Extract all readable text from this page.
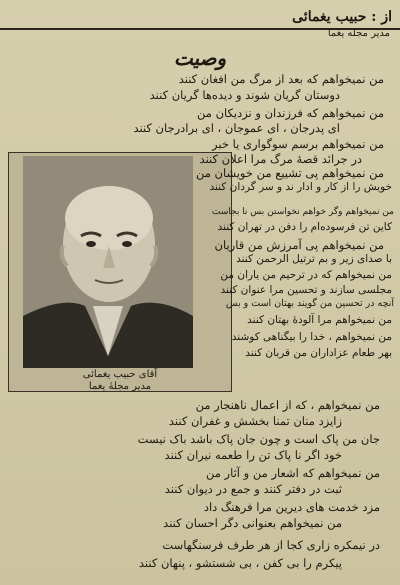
از : حبیب یغمائی
مدیر مجله یغما
وصیت
من نمیخواهم که بعد از مرگ من افغان کنند
دوستان گریان شوند و دیده‌ها گریان کنند
من نمیخواهم که فرزندان و نزدیکان من
ای پدرجان ، ای عموجان ، ای برادرجان کنند
آقای حبیب یغمائی
مدیر مجلهٔ یغما
من نمیخواهم برسم سوگواری یا خبر
در جرائد قصهٔ مرگ مرا اعلان کنند
من نمیخواهم پی تشییع من خویشان من
خویش را از کار و ادار ند و سر گردان کنند
من نمیخواهم وگر خواهم نخواستن بس نا بجاست
کاین تن فرسوده‌ام را دفن در تهران کنند
من نمیخواهم پی آمرزش من قاریان
با صدای زیر و بم ترتیل الرحمن کنند
من نمیخواهم که در ترحیم من یاران من
مجلسی سازند و تحسین مرا عنوان کنند
آنچه در تحسین من گویند بهتان است و بس
من نمیخواهم مرا آلودهٔ بهتان کنند
من نمیخواهم ، خدا را بیگناهی کوشند
بهر طعام عزاداران من قربان کنند
من نمیخواهم ، که از اعمال ناهنجار من
زایزد منان تمنا بخشش و غفران کنند
جان من پاک است و چون جان پاک باشد باک نیست
خود اگر نا پاک تن را طعمه نیران کنند
من نمیخواهم که اشعار من و آثار من
ثبت در دفتر کنند و جمع در دیوان کنند
مزد خدمت های دیرین مرا فرهنگ داد
من نمیخواهم بعنوانی دگر احسان کنند
در نیمکره زاری کجا از هر طرف فرسنگهاست
پیکرم را بی کفن ، بی شستشو ، پنهان کنند
